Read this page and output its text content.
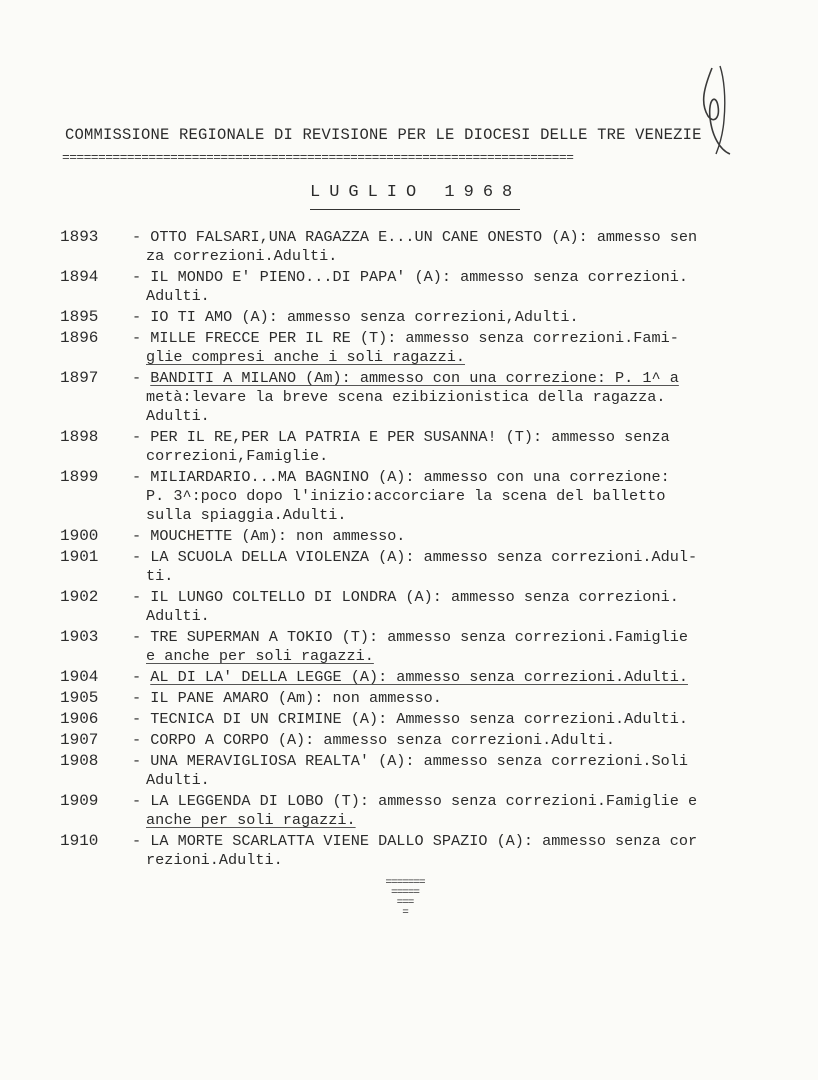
COMMISSIONE REGIONALE DI REVISIONE PER LE DIOCESI DELLE TRE VENEZIE
=======================================================================
LUGLIO 1968
1893	- OTTO FALSARI,UNA RAGAZZA E...UN CANE ONESTO (A): ammesso sen
za correzioni.Adulti.
1894	- IL MONDO E' PIENO...DI PAPA' (A): ammesso senza correzioni.
Adulti.
1895	- IO TI AMO (A): ammesso senza correzioni,Adulti.
1896	- MILLE FRECCE PER IL RE (T): ammesso senza correzioni.Fami-
glie compresi anche i soli ragazzi.
1897	- BANDITI A MILANO (Am): ammesso con una correzione: P. 1^ a
metà:levare la breve scena ezibizionistica della ragazza.
Adulti.
1898	- PER IL RE,PER LA PATRIA E PER SUSANNA! (T): ammesso senza
correzioni,Famiglie.
1899	- MILIARDARIO...MA BAGNINO (A): ammesso con una correzione:
P. 3^:poco dopo l'inizio:accorciare la scena del balletto
sulla spiaggia.Adulti.
1900	- MOUCHETTE (Am): non ammesso.
1901	- LA SCUOLA DELLA VIOLENZA (A): ammesso senza correzioni.Adul-
ti.
1902	- IL LUNGO COLTELLO DI LONDRA (A): ammesso senza correzioni.
Adulti.
1903	- TRE SUPERMAN A TOKIO (T): ammesso senza correzioni.Famiglie
e anche per soli ragazzi.
1904	- AL DI LA' DELLA LEGGE (A): ammesso senza correzioni.Adulti.
1905	- IL PANE AMARO (Am): non ammesso.
1906	- TECNICA DI UN CRIMINE (A): Ammesso senza correzioni.Adulti.
1907	- CORPO A CORPO (A): ammesso senza correzioni.Adulti.
1908	- UNA MERAVIGLIOSA REALTA' (A): ammesso senza correzioni.Soli
Adulti.
1909	- LA LEGGENDA DI LOBO (T): ammesso senza correzioni.Famiglie e
anche per soli ragazzi.
1910	- LA MORTE SCARLATTA VIENE DALLO SPAZIO (A): ammesso senza cor
rezioni.Adulti.
=======
=====
===
=
